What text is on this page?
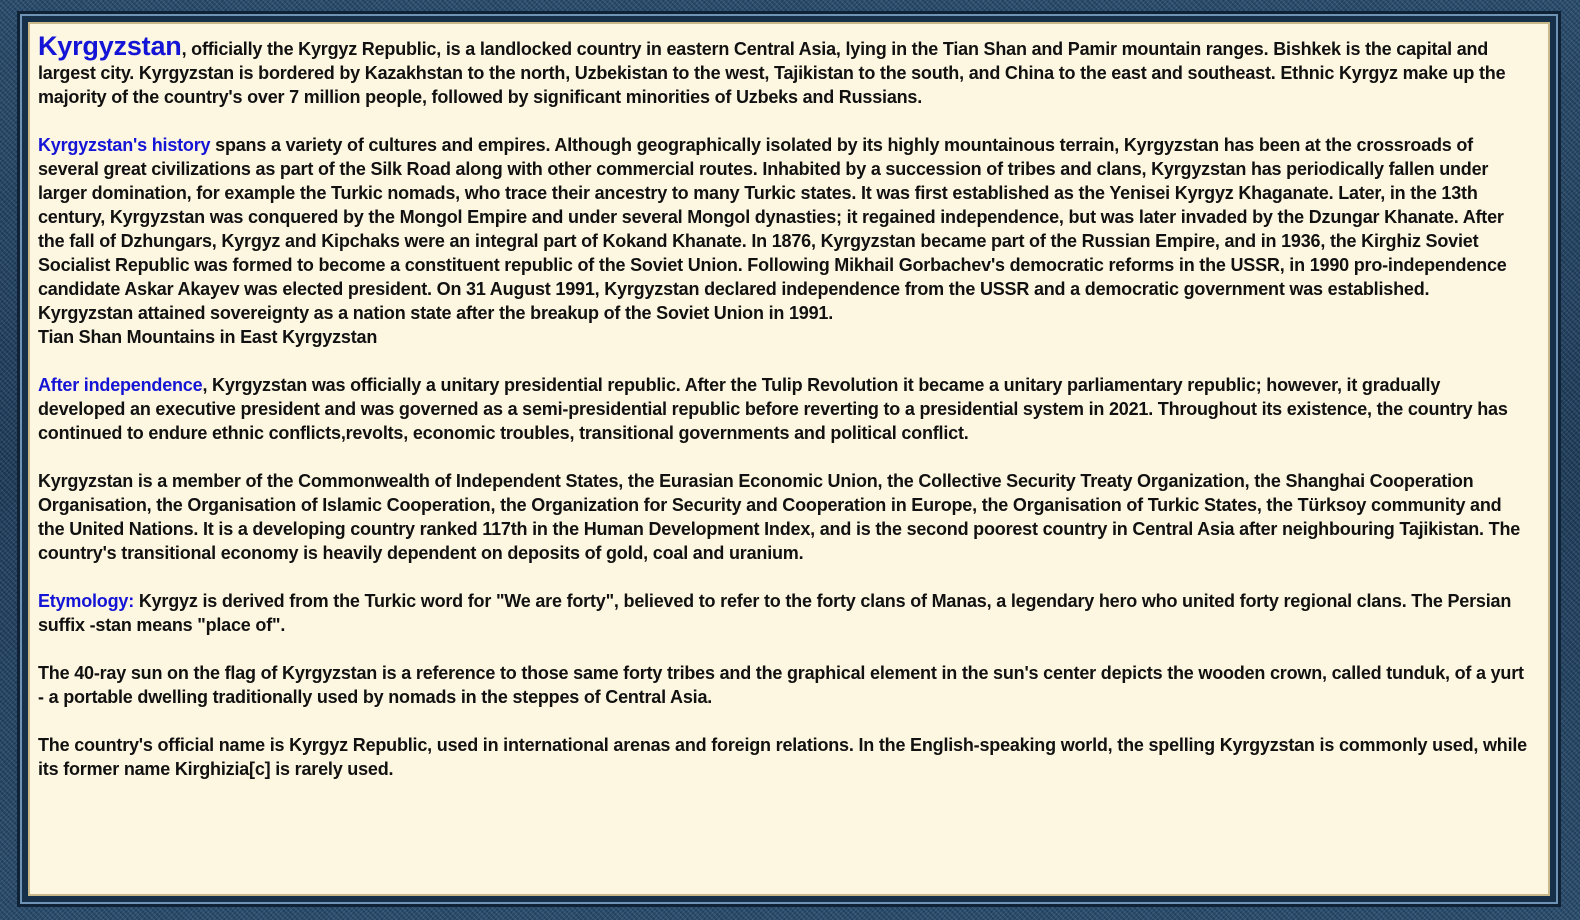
Kyrgyzstan, officially the Kyrgyz Republic, is a landlocked country in eastern Central Asia, lying in the Tian Shan and Pamir mountain ranges. Bishkek is the capital and largest city. Kyrgyzstan is bordered by Kazakhstan to the north, Uzbekistan to the west, Tajikistan to the south, and China to the east and southeast. Ethnic Kyrgyz make up the majority of the country's over 7 million people, followed by significant minorities of Uzbeks and Russians.

Kyrgyzstan's history spans a variety of cultures and empires. Although geographically isolated by its highly mountainous terrain, Kyrgyzstan has been at the crossroads of several great civilizations as part of the Silk Road along with other commercial routes. Inhabited by a succession of tribes and clans, Kyrgyzstan has periodically fallen under larger domination, for example the Turkic nomads, who trace their ancestry to many Turkic states. It was first established as the Yenisei Kyrgyz Khaganate. Later, in the 13th century, Kyrgyzstan was conquered by the Mongol Empire and under several Mongol dynasties; it regained independence, but was later invaded by the Dzungar Khanate. After the fall of Dzhungars, Kyrgyz and Kipchaks were an integral part of Kokand Khanate. In 1876, Kyrgyzstan became part of the Russian Empire, and in 1936, the Kirghiz Soviet Socialist Republic was formed to become a constituent republic of the Soviet Union. Following Mikhail Gorbachev's democratic reforms in the USSR, in 1990 pro-independence candidate Askar Akayev was elected president. On 31 August 1991, Kyrgyzstan declared independence from the USSR and a democratic government was established. Kyrgyzstan attained sovereignty as a nation state after the breakup of the Soviet Union in 1991.
Tian Shan Mountains in East Kyrgyzstan

After independence, Kyrgyzstan was officially a unitary presidential republic. After the Tulip Revolution it became a unitary parliamentary republic; however, it gradually developed an executive president and was governed as a semi-presidential republic before reverting to a presidential system in 2021. Throughout its existence, the country has continued to endure ethnic conflicts,revolts, economic troubles, transitional governments and political conflict.

Kyrgyzstan is a member of the Commonwealth of Independent States, the Eurasian Economic Union, the Collective Security Treaty Organization, the Shanghai Cooperation Organisation, the Organisation of Islamic Cooperation, the Organization for Security and Cooperation in Europe, the Organisation of Turkic States, the Türksoy community and the United Nations. It is a developing country ranked 117th in the Human Development Index, and is the second poorest country in Central Asia after neighbouring Tajikistan. The country's transitional economy is heavily dependent on deposits of gold, coal and uranium.

Etymology: Kyrgyz is derived from the Turkic word for "We are forty", believed to refer to the forty clans of Manas, a legendary hero who united forty regional clans. The Persian suffix -stan means "place of".

The 40-ray sun on the flag of Kyrgyzstan is a reference to those same forty tribes and the graphical element in the sun's center depicts the wooden crown, called tunduk, of a yurt - a portable dwelling traditionally used by nomads in the steppes of Central Asia.

The country's official name is Kyrgyz Republic, used in international arenas and foreign relations. In the English-speaking world, the spelling Kyrgyzstan is commonly used, while its former name Kirghizia[c] is rarely used.
